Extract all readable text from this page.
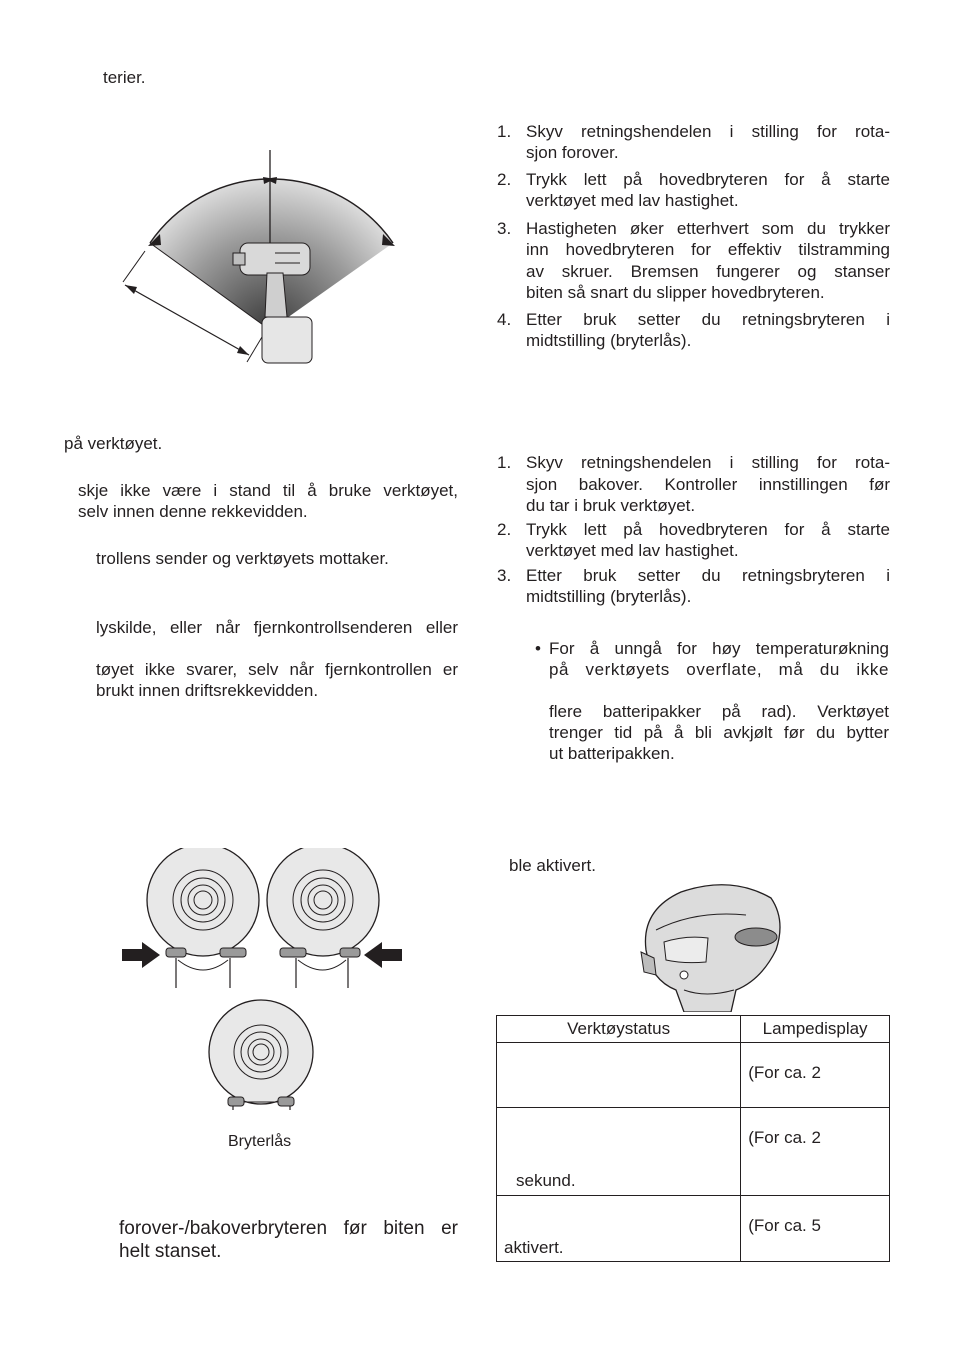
terier.
på verktøyet.
skje ikke være i stand til å bruke verktøyet,
selv innen denne rekkevidden.
trollens sender og verktøyets mottaker.
lyskilde, eller når fjernkontrollsenderen eller
tøyet ikke svarer, selv når fjernkontrollen er
brukt innen driftsrekkevidden.
Bryterlås
forover-/bakoverbryteren før biten er
helt stanset.
1. Skyv retningshendelen i stilling for rota-
sjon forover.
2. Trykk lett på hovedbryteren for å starte
verktøyet med lav hastighet.
3. Hastigheten øker etterhvert som du trykker
inn hovedbryteren for effektiv tilstramming
av skruer. Bremsen fungerer og stanser
biten så snart du slipper hovedbryteren.
4. Etter bruk setter du retningsbryteren i
midtstilling (bryterlås).
1. Skyv retningshendelen i stilling for rota-
sjon bakover. Kontroller innstillingen før
du tar i bruk verktøyet.
2. Trykk lett på hovedbryteren for å starte
verktøyet med lav hastighet.
3. Etter bruk setter du retningsbryteren i
midtstilling (bryterlås).
• For å unngå for høy temperaturøkning
på verktøyets overflate, må du ikke
flere batteripakker på rad). Verktøyet
trenger tid på å bli avkjølt før du bytter
ut batteripakken.
ble aktivert.
Verktøystatus	Lampedisplay

	(For ca. 2

sekund.	(For ca. 2

aktivert.	(For ca. 5
